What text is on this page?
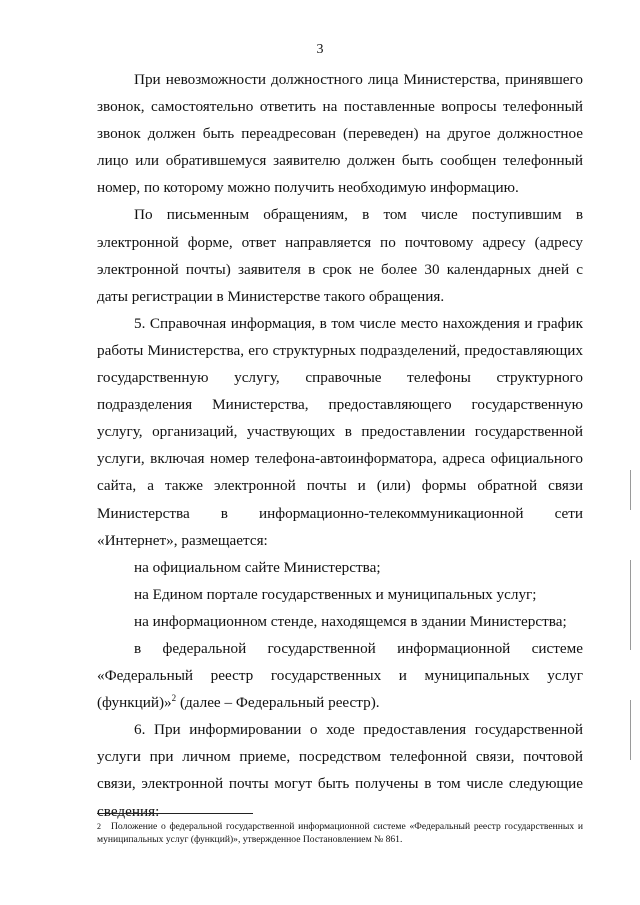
3

При невозможности должностного лица Министерства, принявшего звонок, самостоятельно ответить на поставленные вопросы телефонный звонок должен быть переадресован (переведен) на другое должностное лицо или обратившемуся заявителю должен быть сообщен телефонный номер, по которому можно получить необходимую информацию.

По письменным обращениям, в том числе поступившим в электронной форме, ответ направляется по почтовому адресу (адресу электронной почты) заявителя в срок не более 30 календарных дней с даты регистрации в Министерстве такого обращения.

5. Справочная информация, в том числе место нахождения и график работы Министерства, его структурных подразделений, предоставляющих государственную услугу, справочные телефоны структурного подразделения Министерства, предоставляющего государственную услугу, организаций, участвующих в предоставлении государственной услуги, включая номер телефона-автоинформатора, адреса официального сайта, а также электронной почты и (или) формы обратной связи Министерства в информационно-телекоммуникационной сети «Интернет», размещается:

на официальном сайте Министерства;

на Едином портале государственных и муниципальных услуг;

на информационном стенде, находящемся в здании Министерства;

в федеральной государственной информационной системе «Федеральный реестр государственных и муниципальных услуг (функций)»$^2$ (далее – Федеральный реестр).

6. При информировании о ходе предоставления государственной услуги при личном приеме, посредством телефонной связи, почтовой связи, электронной почты могут быть получены в том числе следующие сведения:

2 Положение о федеральной государственной информационной системе «Федеральный реестр государственных и муниципальных услуг (функций)», утвержденное Постановлением № 861.
